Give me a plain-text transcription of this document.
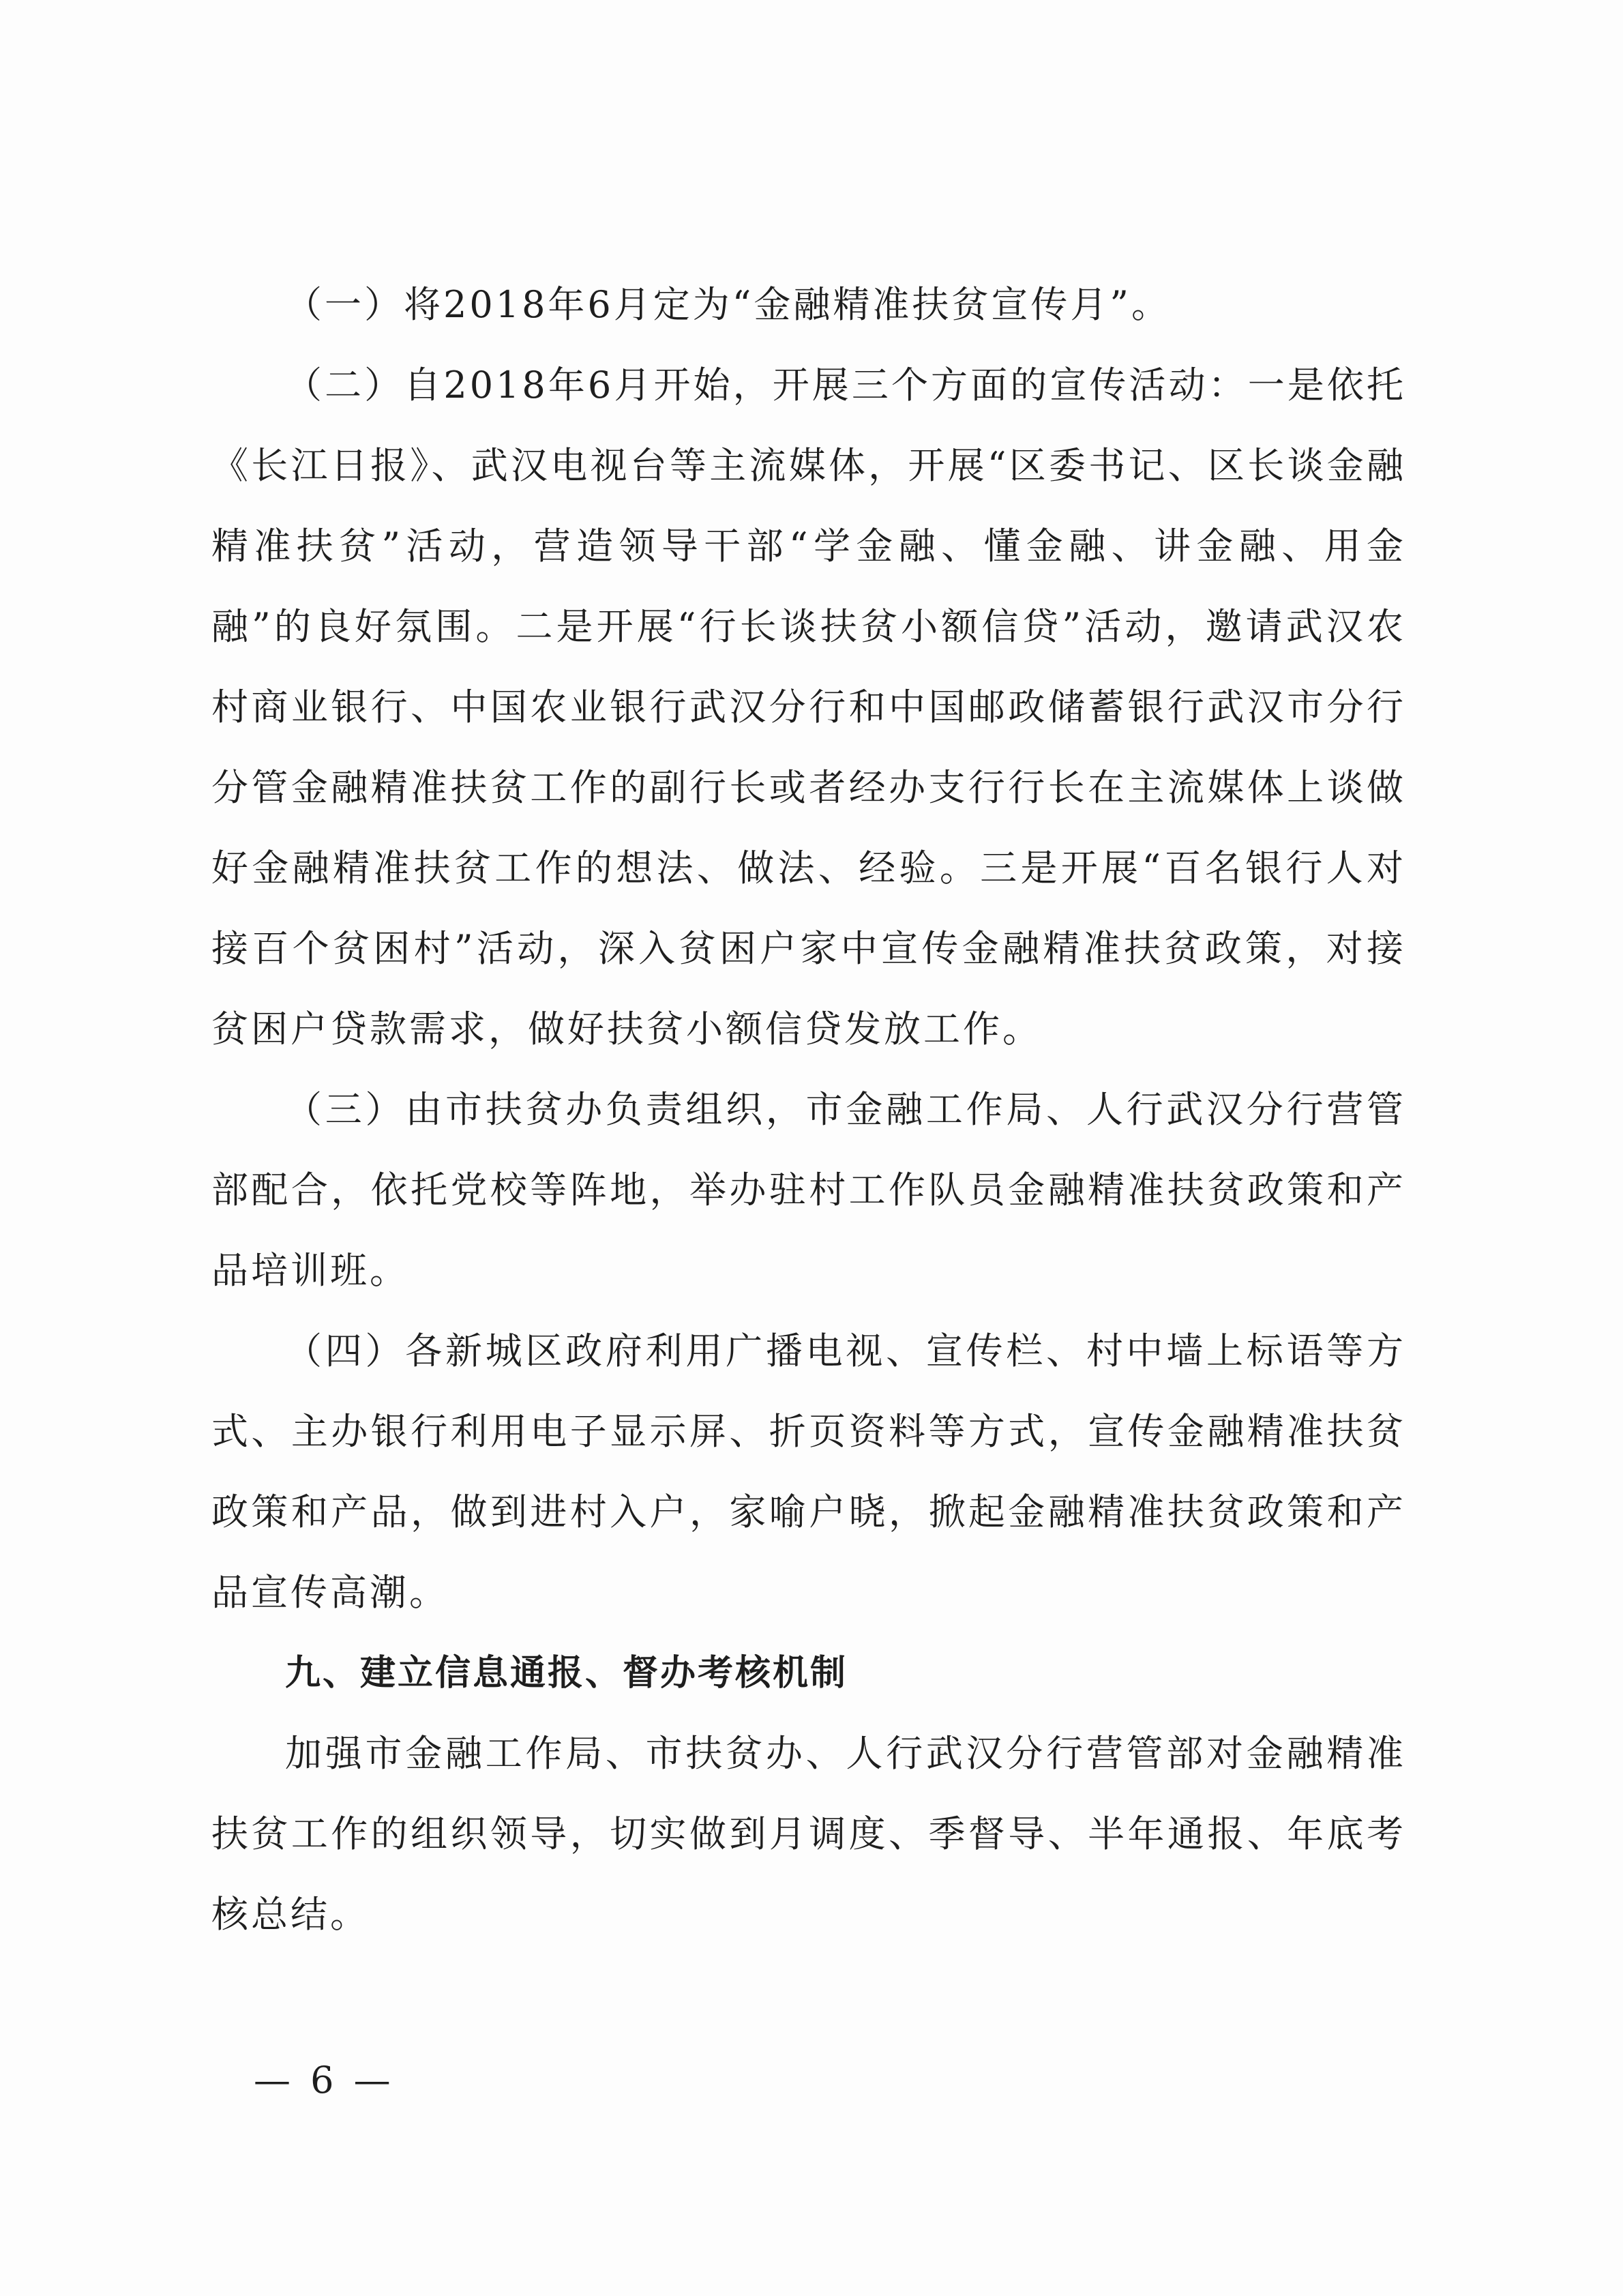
（一）将2018年6月定为“金融精准扶贫宣传月”。

（二）自2018年6月开始，开展三个方面的宣传活动：一是依托《长江日报》、武汉电视台等主流媒体，开展“区委书记、区长谈金融精准扶贫”活动，营造领导干部“学金融、懂金融、讲金融、用金融”的良好氛围。二是开展“行长谈扶贫小额信贷”活动，邀请武汉农村商业银行、中国农业银行武汉分行和中国邮政储蓄银行武汉市分行分管金融精准扶贫工作的副行长或者经办支行行长在主流媒体上谈做好金融精准扶贫工作的想法、做法、经验。三是开展“百名银行人对接百个贫困村”活动，深入贫困户家中宣传金融精准扶贫政策，对接贫困户贷款需求，做好扶贫小额信贷发放工作。

（三）由市扶贫办负责组织，市金融工作局、人行武汉分行营管部配合，依托党校等阵地，举办驻村工作队员金融精准扶贫政策和产品培训班。

（四）各新城区政府利用广播电视、宣传栏、村中墙上标语等方式、主办银行利用电子显示屏、折页资料等方式，宣传金融精准扶贫政策和产品，做到进村入户，家喻户晓，掀起金融精准扶贫政策和产品宣传高潮。

九、建立信息通报、督办考核机制

加强市金融工作局、市扶贫办、人行武汉分行营管部对金融精准扶贫工作的组织领导，切实做到月调度、季督导、半年通报、年底考核总结。

— 6 —
